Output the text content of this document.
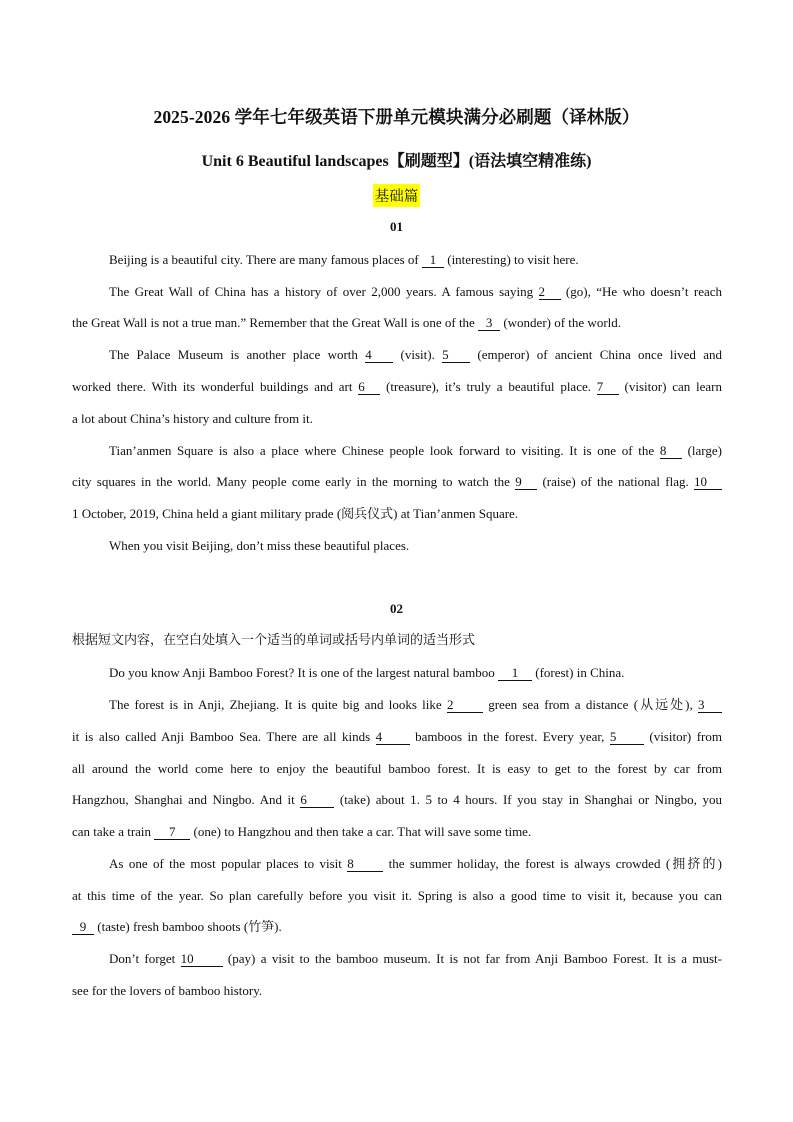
2025-2026 学年七年级英语下册单元模块满分必刷题（译林版）
Unit 6 Beautiful landscapes【刷题型】(语法填空精准练)
基础篇
01
Beijing is a beautiful city. There are many famous places of 1 (interesting) to visit here.
The Great Wall of China has a history of over 2,000 years. A famous saying 2 (go), “He who doesn’t reach
the Great Wall is not a true man.” Remember that the Great Wall is one of the 3 (wonder) of the world.
The Palace Museum is another place worth 4 (visit). 5 (emperor) of ancient China once lived and
worked there. With its wonderful buildings and art 6 (treasure), it’s truly a beautiful place. 7 (visitor) can learn
a lot about China’s history and culture from it.
Tian’anmen Square is also a place where Chinese people look forward to visiting. It is one of the 8 (large)
city squares in the world. Many people come early in the morning to watch the 9 (raise) of the national flag. 10
1 October, 2019, China held a giant military prade (阅兵仪式) at Tian’anmen Square.
When you visit Beijing, don’t miss these beautiful places.
02
根据短文内容，在空白处填入一个适当的单词或括号内单词的适当形式
Do you know Anji Bamboo Forest? It is one of the largest natural bamboo 1 (forest) in China.
The forest is in Anji, Zhejiang. It is quite big and looks like 2 green sea from a distance (从远处), 3
it is also called Anji Bamboo Sea. There are all kinds 4 bamboos in the forest. Every year, 5 (visitor) from
all around the world come here to enjoy the beautiful bamboo forest. It is easy to get to the forest by car from
Hangzhou, Shanghai and Ningbo. And it 6 (take) about 1. 5 to 4 hours. If you stay in Shanghai or Ningbo, you
can take a train 7 (one) to Hangzhou and then take a car. That will save some time.
As one of the most popular places to visit 8 the summer holiday, the forest is always crowded (拥挤的)
at this time of the year. So plan carefully before you visit it. Spring is also a good time to visit it, because you can
9 (taste) fresh bamboo shoots (竹笋).
Don’t forget 10 (pay) a visit to the bamboo museum. It is not far from Anji Bamboo Forest. It is a must-
see for the lovers of bamboo history.
